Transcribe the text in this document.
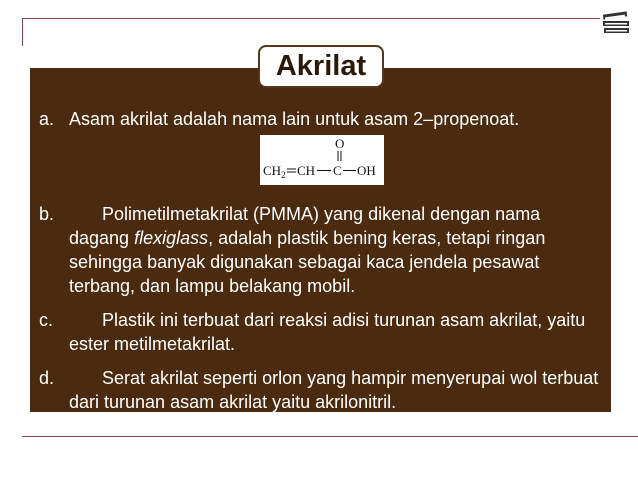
Akrilat
a. Asam akrilat adalah nama lain untuk asam 2–propenoat.
O
$CH_2$ CH C OH
b.	Polimetilmetakrilat (PMMA) yang dikenal dengan nama dagang flexiglass, adalah plastik bening keras, tetapi ringan sehingga banyak digunakan sebagai kaca jendela pesawat terbang, dan lampu belakang mobil.
c.	Plastik ini terbuat dari reaksi adisi turunan asam akrilat, yaitu ester metilmetakrilat.
d.	Serat akrilat seperti orlon yang hampir menyerupai wol terbuat dari turunan asam akrilat yaitu akrilonitril.
